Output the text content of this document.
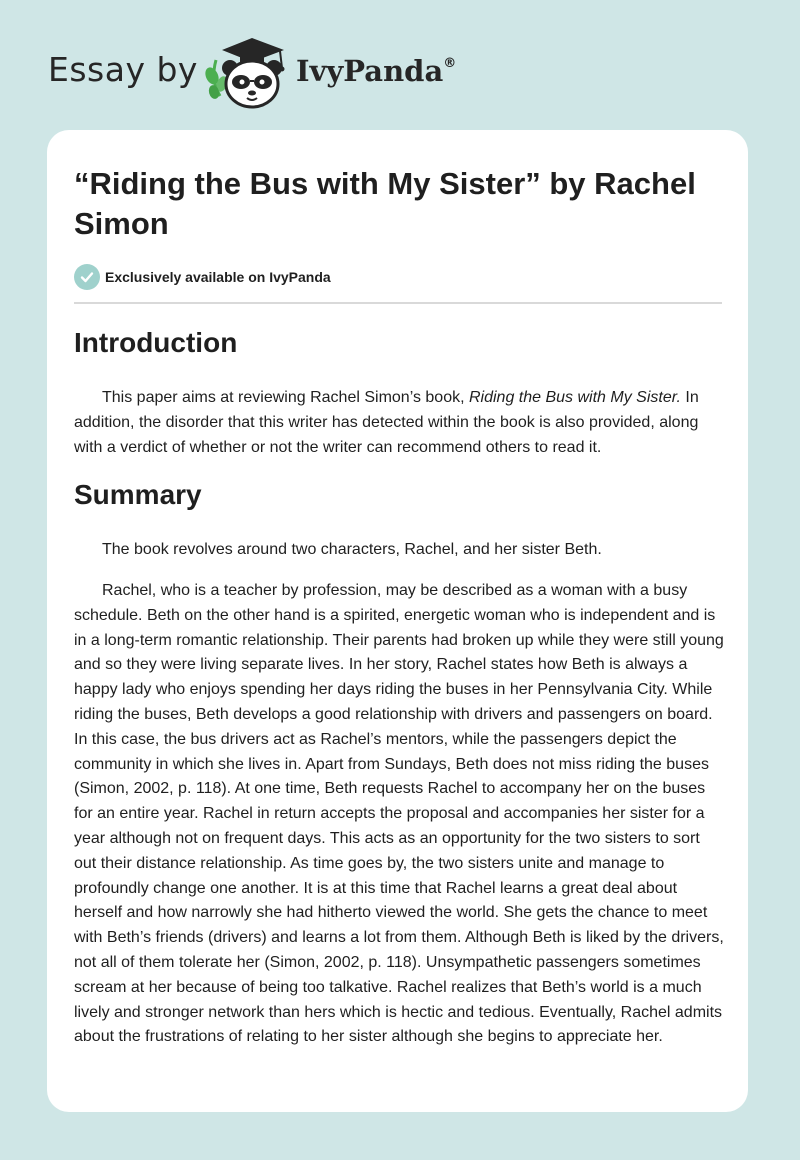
Essay by	IvyPanda®
“Riding the Bus with My Sister” by Rachel Simon
Exclusively available on IvyPanda
Introduction

This paper aims at reviewing Rachel Simon’s book, Riding the Bus with My Sister. In addition, the disorder that this writer has detected within the book is also provided, along with a verdict of whether or not the writer can recommend others to read it.

Summary

The book revolves around two characters, Rachel, and her sister Beth.

Rachel, who is a teacher by profession, may be described as a woman with a busy schedule. Beth on the other hand is a spirited, energetic woman who is independent and is in a long-term romantic relationship. Their parents had broken up while they were still young and so they were living separate lives. In her story, Rachel states how Beth is always a happy lady who enjoys spending her days riding the buses in her Pennsylvania City. While riding the buses, Beth develops a good relationship with drivers and passengers on board. In this case, the bus drivers act as Rachel’s mentors, while the passengers depict the community in which she lives in. Apart from Sundays, Beth does not miss riding the buses (Simon, 2002, p. 118). At one time, Beth requests Rachel to accompany her on the buses for an entire year. Rachel in return accepts the proposal and accompanies her sister for a year although not on frequent days. This acts as an opportunity for the two sisters to sort out their distance relationship. As time goes by, the two sisters unite and manage to profoundly change one another. It is at this time that Rachel learns a great deal about herself and how narrowly she had hitherto viewed the world. She gets the chance to meet with Beth’s friends (drivers) and learns a lot from them. Although Beth is liked by the drivers, not all of them tolerate her (Simon, 2002, p. 118). Unsympathetic passengers sometimes scream at her because of being too talkative. Rachel realizes that Beth’s world is a much lively and stronger network than hers which is hectic and tedious. Eventually, Rachel admits about the frustrations of relating to her sister although she begins to appreciate her.
